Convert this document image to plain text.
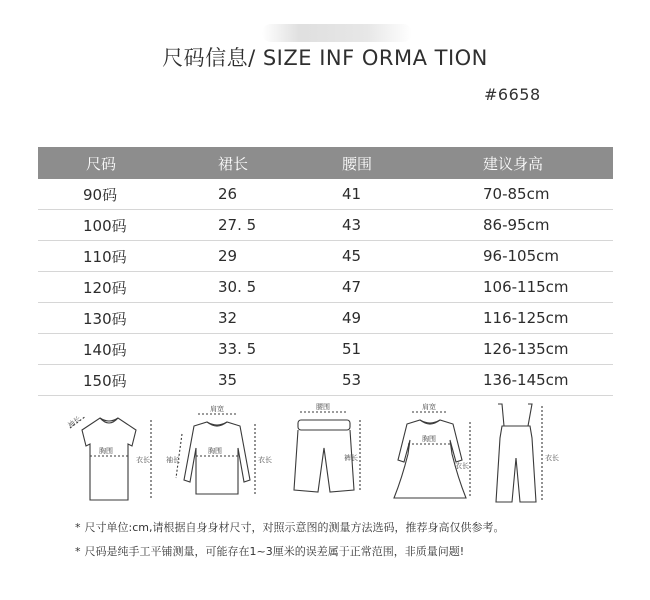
尺码信息/ SIZE INF ORMA TION
#6658
尺码	裙长	腰围	建议身高
90码	26	41	70-85cm
100码	27. 5	43	86-95cm
110码	29	45	96-105cm
120码	30. 5	47	106-115cm
130码	32	49	116-125cm
140码	33. 5	51	126-135cm
150码	35	53	136-145cm
袖长
胸围
衣长
肩宽
袖长
胸围
衣长
腰围
裤长
肩宽
胸围
衣长
衣长
* 尺寸单位:cm,请根据自身身材尺寸，对照示意图的测量方法选码，推荐身高仅供参考。
* 尺码是纯手工平铺测量，可能存在1~3厘米的误差属于正常范围，非质量问题!
